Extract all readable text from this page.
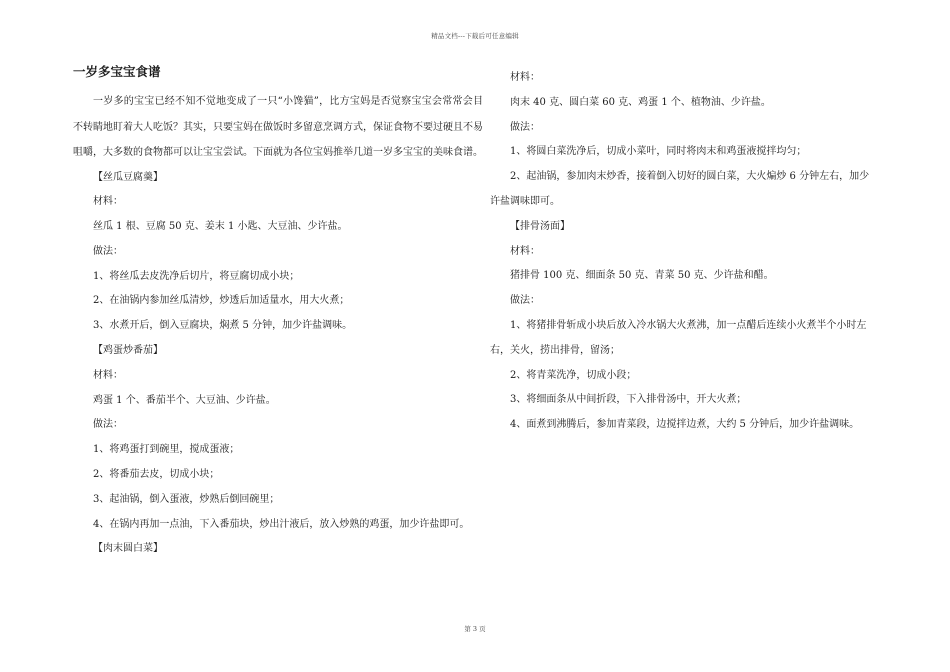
精品文档---下载后可任意编辑
一岁多宝宝食谱

一岁多的宝宝已经不知不觉地变成了一只“小馋猫”，比方宝妈是否觉察宝宝会常常会目不转睛地盯着大人吃饭？其实，只要宝妈在做饭时多留意烹调方式，保证食物不要过硬且不易咀嚼，大多数的食物都可以让宝宝尝试。下面就为各位宝妈推举几道一岁多宝宝的美味食谱。

【丝瓜豆腐羹】

材料：

丝瓜 1 根、豆腐 50 克、姜末 1 小匙、大豆油、少许盐。

做法：

1、将丝瓜去皮洗净后切片，将豆腐切成小块；

2、在油锅内参加丝瓜清炒，炒透后加适量水，用大火煮；

3、水煮开后，倒入豆腐块，焖煮 5 分钟，加少许盐调味。

【鸡蛋炒番茄】

材料：

鸡蛋 1 个、番茄半个、大豆油、少许盐。

做法：

1、将鸡蛋打到碗里，搅成蛋液；

2、将番茄去皮，切成小块；

3、起油锅，倒入蛋液，炒熟后倒回碗里；

4、在锅内再加一点油，下入番茄块，炒出汁液后，放入炒熟的鸡蛋，加少许盐即可。

【肉末圆白菜】

材料：

肉末 40 克、圆白菜 60 克、鸡蛋 1 个、植物油、少许盐。

做法：

1、将圆白菜洗净后，切成小菜叶，同时将肉末和鸡蛋液搅拌均匀；

2、起油锅，参加肉末炒香，接着倒入切好的圆白菜，大火煸炒 6 分钟左右，加少许盐调味即可。

【排骨汤面】

材料：

猪排骨 100 克、细面条 50 克、青菜 50 克、少许盐和醋。

做法：

1、将猪排骨斩成小块后放入冷水锅大火煮沸，加一点醋后连续小火煮半个小时左右，关火，捞出排骨，留汤；

2、将青菜洗净，切成小段；

3、将细面条从中间折段，下入排骨汤中，开大火煮；

4、面煮到沸腾后，参加青菜段，边搅拌边煮，大约 5 分钟后，加少许盐调味。

第 3 页
